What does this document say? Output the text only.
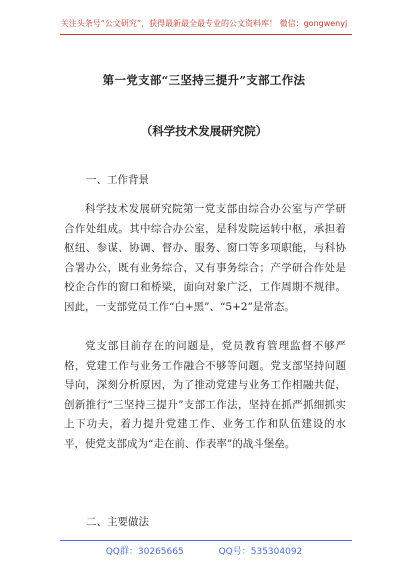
关注头条号“公文研究”，获得最新最全最专业的公文资料库！ 微信：gongwenyj
第一党支部“三坚持三提升”支部工作法
（科学技术发展研究院）
一、工作背景
科学技术发展研究院第一党支部由综合办公室与产学研合作处组成。其中综合办公室，是科发院运转中枢，承担着枢纽、参谋、协调、督办、服务、窗口等多项职能，与科协合署办公，既有业务综合，又有事务综合；产学研合作处是校企合作的窗口和桥梁，面向对象广泛，工作周期不规律。因此，一支部党员工作“白+黑”、“5+2”是常态。
党支部目前存在的问题是，党员教育管理监督不够严格，党建工作与业务工作融合不够等问题。党支部坚持问题导向，深刻分析原因，为了推动党建与业务工作相融共促，创新推行“三坚持三提升”支部工作法，坚持在抓严抓细抓实上下功夫，着力提升党建工作、业务工作和队伍建设的水平，使党支部成为“走在前、作表率”的战斗堡垒。
二、主要做法
QQ群：30265665	QQ号：535304092
